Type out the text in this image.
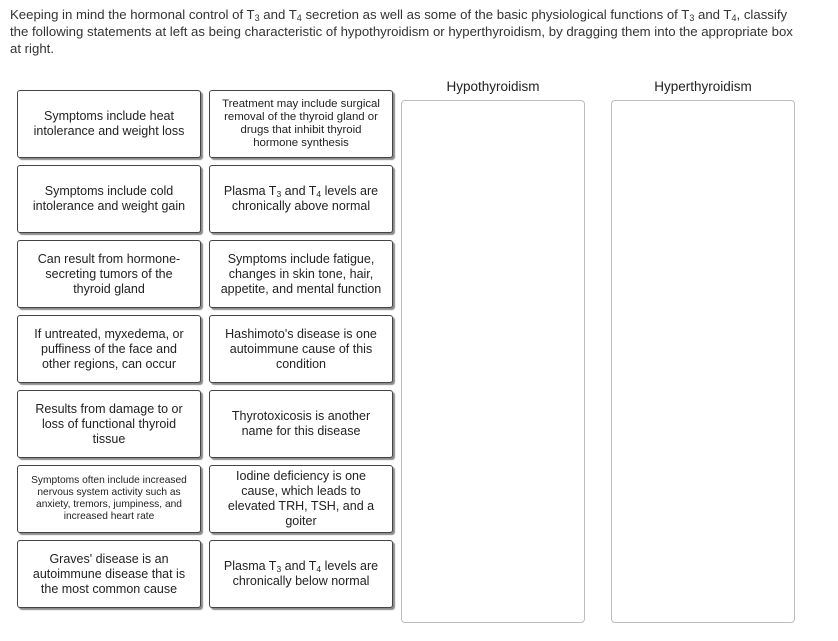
Keeping in mind the hormonal control of $T_3$ and $T_4$ secretion as well as some of the basic physiological functions of $T_3$ and $T_4$, classify the following statements at left as being characteristic of hypothyroidism or hyperthyroidism, by dragging them into the appropriate box at right.
Symptoms include heat intolerance and weight loss
Symptoms include cold intolerance and weight gain
Can result from hormone-secreting tumors of the thyroid gland
If untreated, myxedema, or puffiness of the face and other regions, can occur
Results from damage to or loss of functional thyroid tissue
Symptoms often include increased nervous system activity such as anxiety, tremors, jumpiness, and increased heart rate
Graves' disease is an autoimmune disease that is the most common cause
Treatment may include surgical removal of the thyroid gland or drugs that inhibit thyroid hormone synthesis
Plasma $T_3$ and $T_4$ levels are chronically above normal
Symptoms include fatigue, changes in skin tone, hair, appetite, and mental function
Hashimoto's disease is one autoimmune cause of this condition
Thyrotoxicosis is another name for this disease
Iodine deficiency is one cause, which leads to elevated TRH, TSH, and a goiter
Plasma $T_3$ and $T_4$ levels are chronically below normal
Hypothyroidism	Hyperthyroidism
